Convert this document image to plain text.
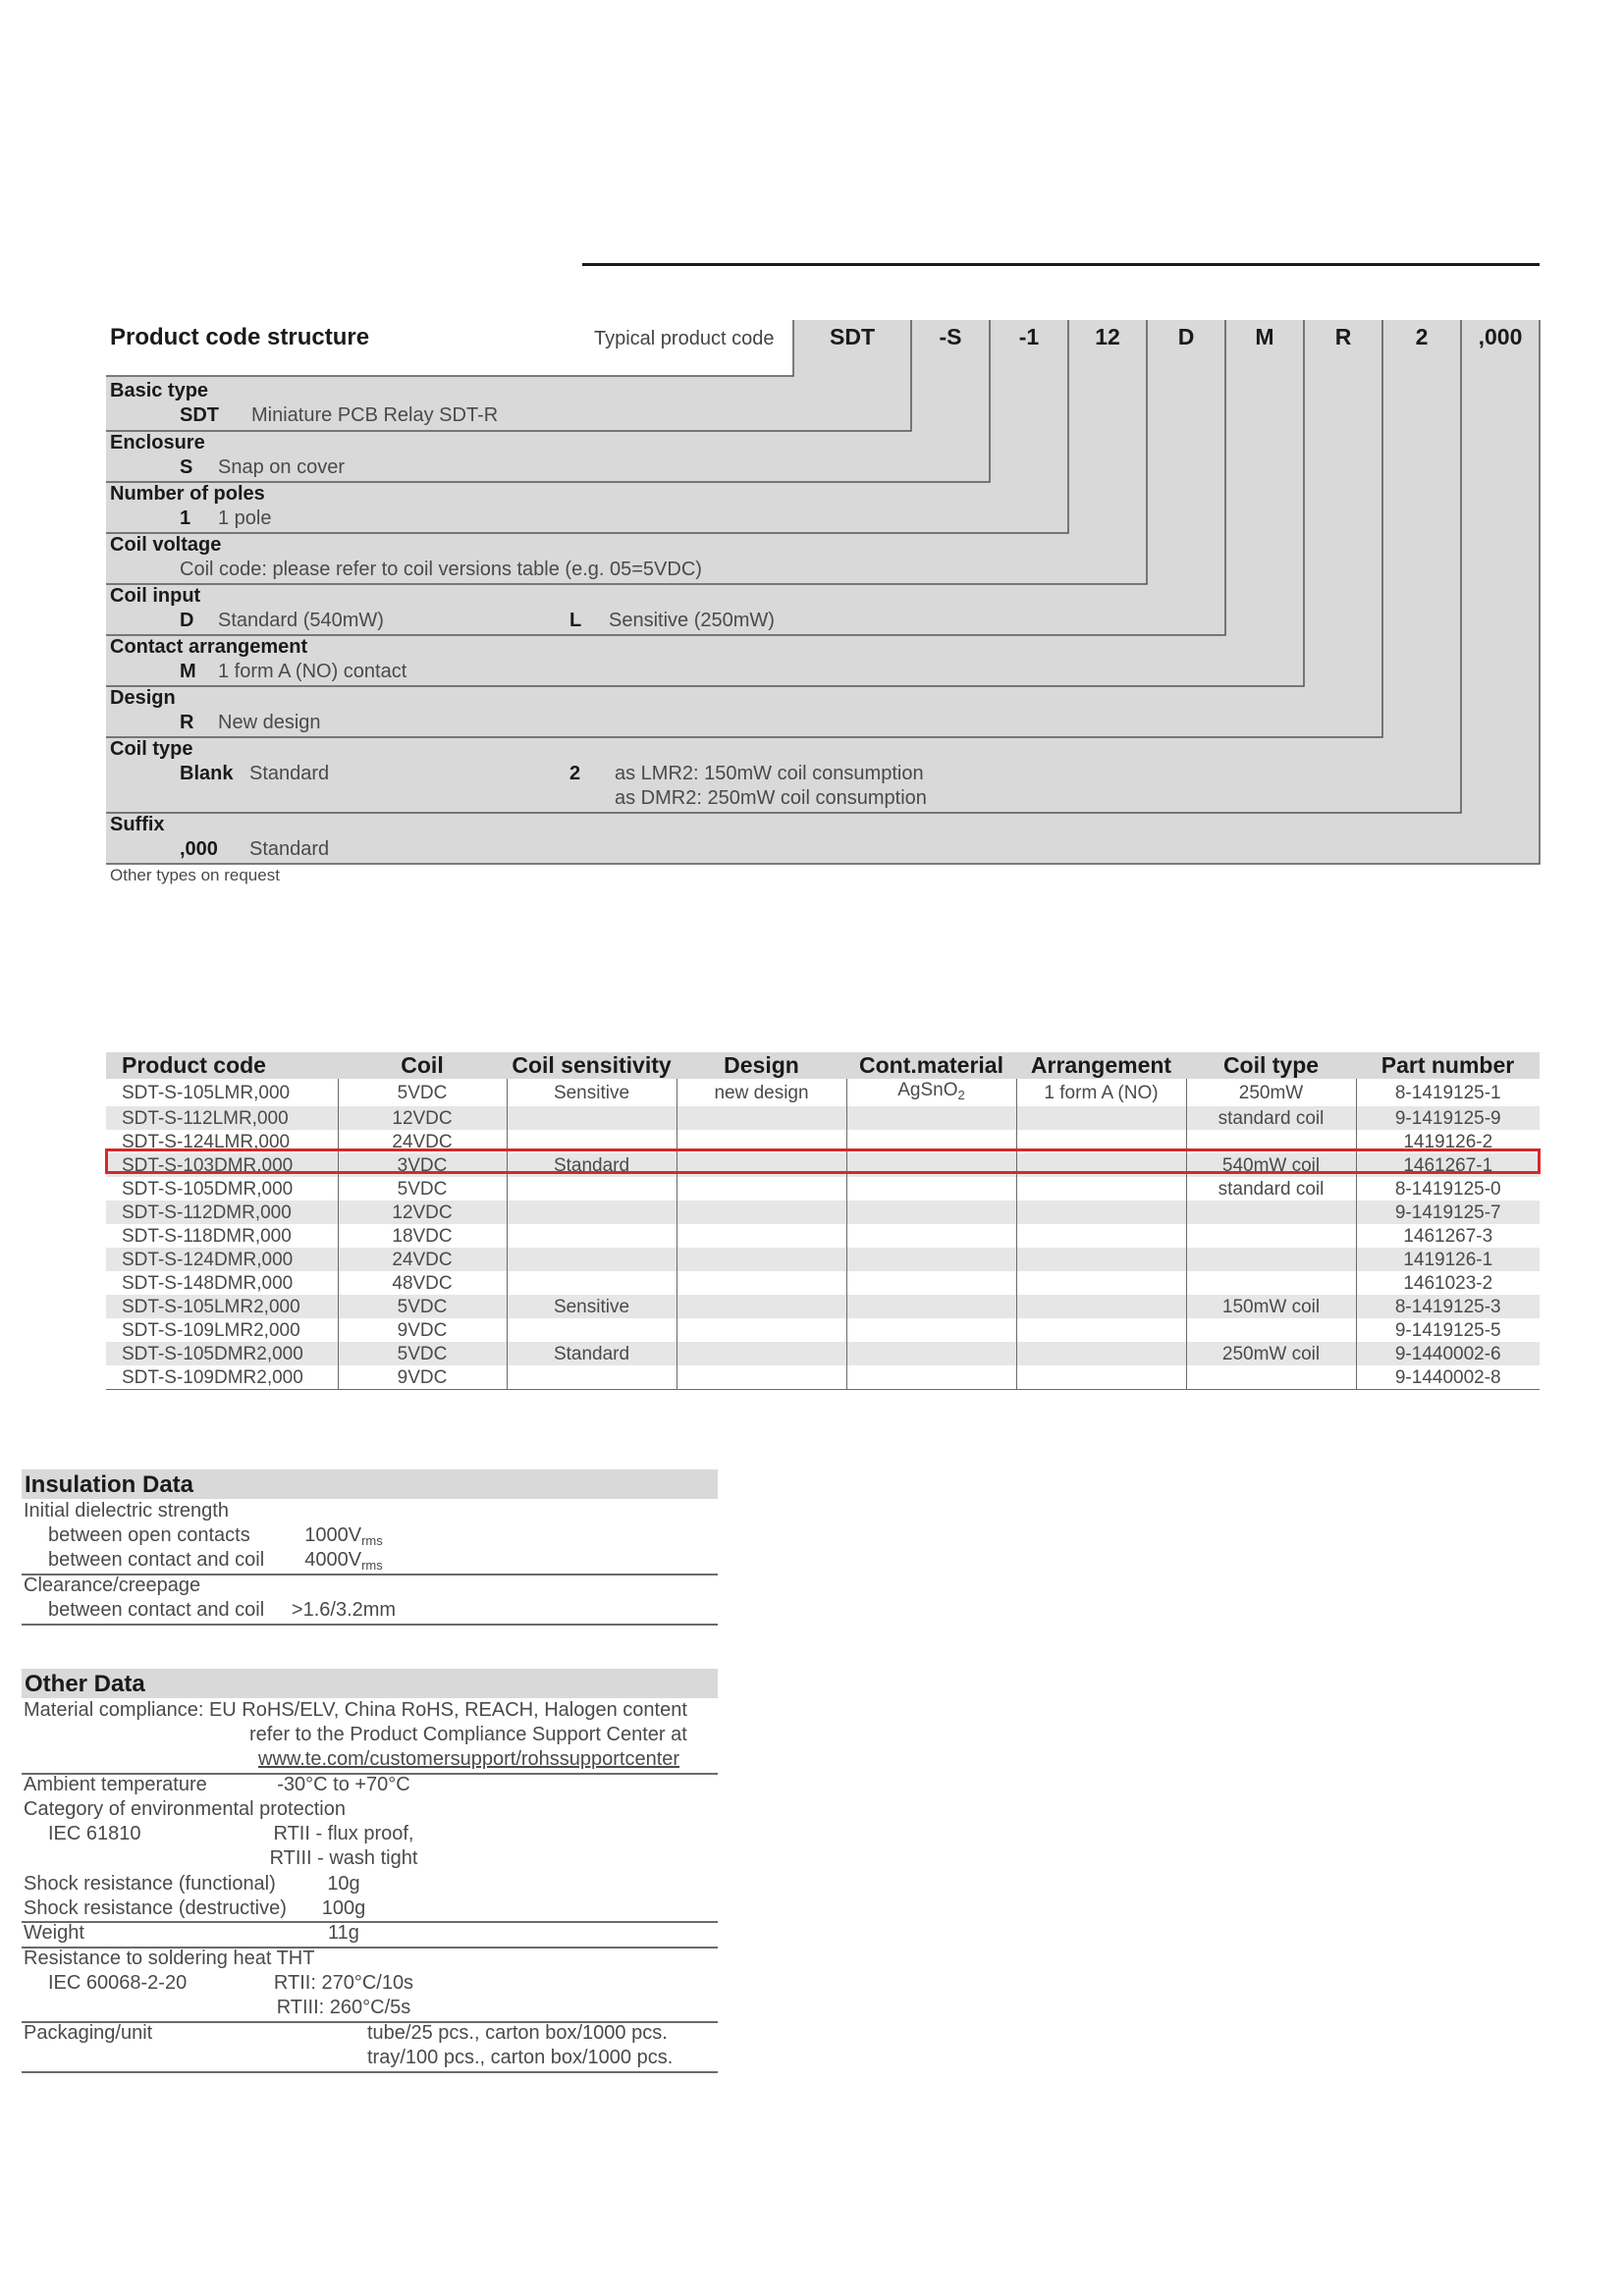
Product code structure	Typical product code	SDT	-S	-1	12	D	M	R	2	,000
Basic type
SDT Miniature PCB Relay SDT-R
Enclosure
S Snap on cover
Number of poles
1 1 pole
Coil voltage
Coil code: please refer to coil versions table (e.g. 05=5VDC)
Coil input
D Standard (540mW)	L Sensitive (250mW)
Contact arrangement
M 1 form A (NO) contact
Design
R New design
Coil type
Blank Standard	2 as LMR2: 150mW coil consumption
as DMR2: 250mW coil consumption
Suffix
,000 Standard
Other types on request
Product code	Coil	Coil sensitivity	Design	Cont.material	Arrangement	Coil type	Part number
SDT-S-105LMR,000	5VDC	Sensitive	new design	AgSnO$_2$	1 form A (NO)	250mW	8-1419125-1
SDT-S-112LMR,000	12VDC					standard coil	9-1419125-9
SDT-S-124LMR,000	24VDC						1419126-2
SDT-S-103DMR,000	3VDC	Standard				540mW coil	1461267-1
SDT-S-105DMR,000	5VDC					standard coil	8-1419125-0
SDT-S-112DMR,000	12VDC						9-1419125-7
SDT-S-118DMR,000	18VDC						1461267-3
SDT-S-124DMR,000	24VDC						1419126-1
SDT-S-148DMR,000	48VDC						1461023-2
SDT-S-105LMR2,000	5VDC	Sensitive				150mW coil	8-1419125-3
SDT-S-109LMR2,000	9VDC						9-1419125-5
SDT-S-105DMR2,000	5VDC	Standard				250mW coil	9-1440002-6
SDT-S-109DMR2,000	9VDC						9-1440002-8
Insulation Data
Initial dielectric strength
between open contacts	$1000V_{rms}$
between contact and coil	$4000V_{rms}$
Clearance/creepage
between contact and coil	>1.6/3.2mm
Other Data
Material compliance: EU RoHS/ELV, China RoHS, REACH, Halogen content
refer to the Product Compliance Support Center at
www.te.com/customersupport/rohssupportcenter
Ambient temperature	-30°C to +70°C
Category of environmental protection
IEC 61810	RTII - flux proof,
RTIII - wash tight
Shock resistance (functional)	10g
Shock resistance (destructive)	100g
Weight	11g
Resistance to soldering heat THT
IEC 60068-2-20	RTII: 270°C/10s
RTIII: 260°C/5s
Packaging/unit	tube/25 pcs., carton box/1000 pcs.
tray/100 pcs., carton box/1000 pcs.
